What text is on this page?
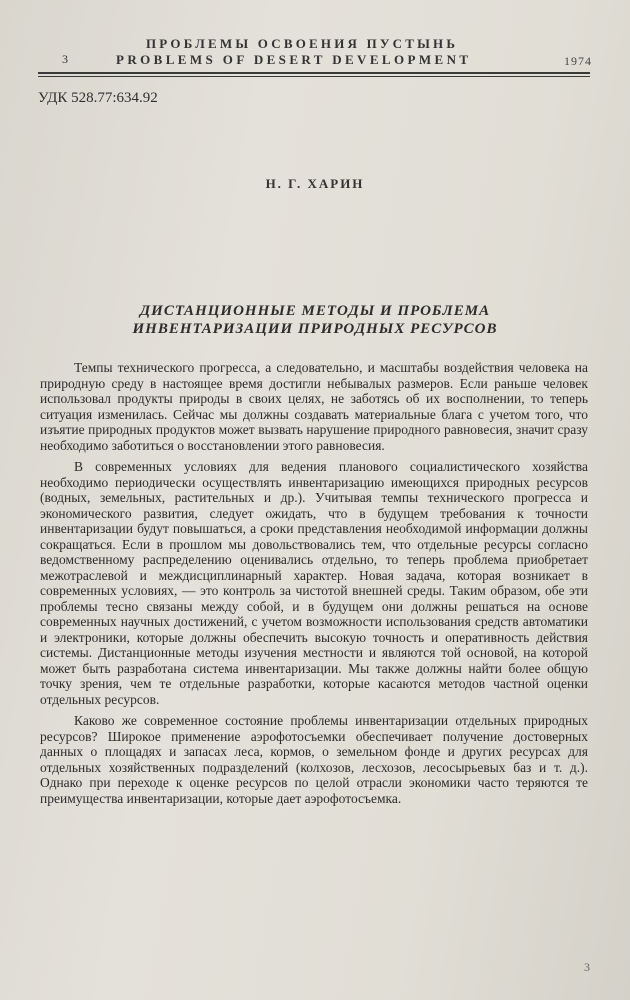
3
ПРОБЛЕМЫ ОСВОЕНИЯ ПУСТЫНЬ
PROBLEMS OF DESERT DEVELOPMENT	1974
УДК 528.77:634.92
Н. Г. ХАРИН
ДИСТАНЦИОННЫЕ МЕТОДЫ И ПРОБЛЕМА
ИНВЕНТАРИЗАЦИИ ПРИРОДНЫХ РЕСУРСОВ

Темпы технического прогресса, а следовательно, и масштабы воздействия человека на природную среду в настоящее время достигли небывалых размеров. Если раньше человек использовал продукты природы в своих целях, не заботясь об их восполнении, то теперь ситуация изменилась. Сейчас мы должны создавать материальные блага с учетом того, что изъятие природных продуктов может вызвать нарушение природного равновесия, значит сразу необходимо заботиться о восстановлении этого равновесия.

В современных условиях для ведения планового социалистического хозяйства необходимо периодически осуществлять инвентаризацию имеющихся природных ресурсов (водных, земельных, растительных и др.). Учитывая темпы технического прогресса и экономического развития, следует ожидать, что в будущем требования к точности инвентаризации будут повышаться, а сроки представления необходимой информации должны сокращаться. Если в прошлом мы довольствовались тем, что отдельные ресурсы согласно ведомственному распределению оценивались отдельно, то теперь проблема приобретает межотраслевой и междисциплинарный характер. Новая задача, которая возникает в современных условиях, — это контроль за чистотой внешней среды. Таким образом, обе эти проблемы тесно связаны между собой, и в будущем они должны решаться на основе современных научных достижений, с учетом возможности использования средств автоматики и электроники, которые должны обеспечить высокую точность и оперативность действия системы. Дистанционные методы изучения местности и являются той основой, на которой может быть разработана система инвентаризации. Мы также должны найти более общую точку зрения, чем те отдельные разработки, которые касаются методов частной оценки отдельных ресурсов.

Каково же современное состояние проблемы инвентаризации отдельных природных ресурсов? Широкое применение аэрофотосъемки обеспечивает получение достоверных данных о площадях и запасах леса, кормов, о земельном фонде и других ресурсах для отдельных хозяйственных подразделений (колхозов, лесхозов, лесосырьевых баз и т. д.). Однако при переходе к оценке ресурсов по целой отрасли экономики часто теряются те преимущества инвентаризации, которые дает аэрофотосъемка.

3
